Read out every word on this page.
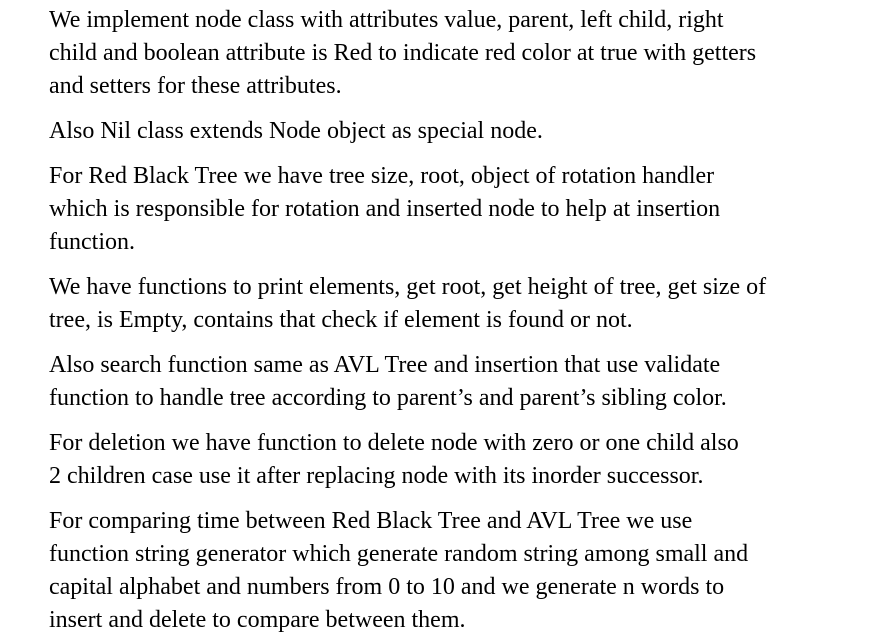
We implement node class with attributes value, parent, left child, right
child and boolean attribute is Red to indicate red color at true with getters
and setters for these attributes.

Also Nil class extends Node object as special node.

For Red Black Tree we have tree size, root, object of rotation handler
which is responsible for rotation and inserted node to help at insertion
function.

We have functions to print elements, get root, get height of tree, get size of
tree, is Empty, contains that check if element is found or not.

Also search function same as AVL Tree and insertion that use validate
function to handle tree according to parent’s and parent’s sibling color.

For deletion we have function to delete node with zero or one child also
2 children case use it after replacing node with its inorder successor.

For comparing time between Red Black Tree and AVL Tree we use
function string generator which generate random string among small and
capital alphabet and numbers from 0 to 10 and we generate n words to
insert and delete to compare between them.
